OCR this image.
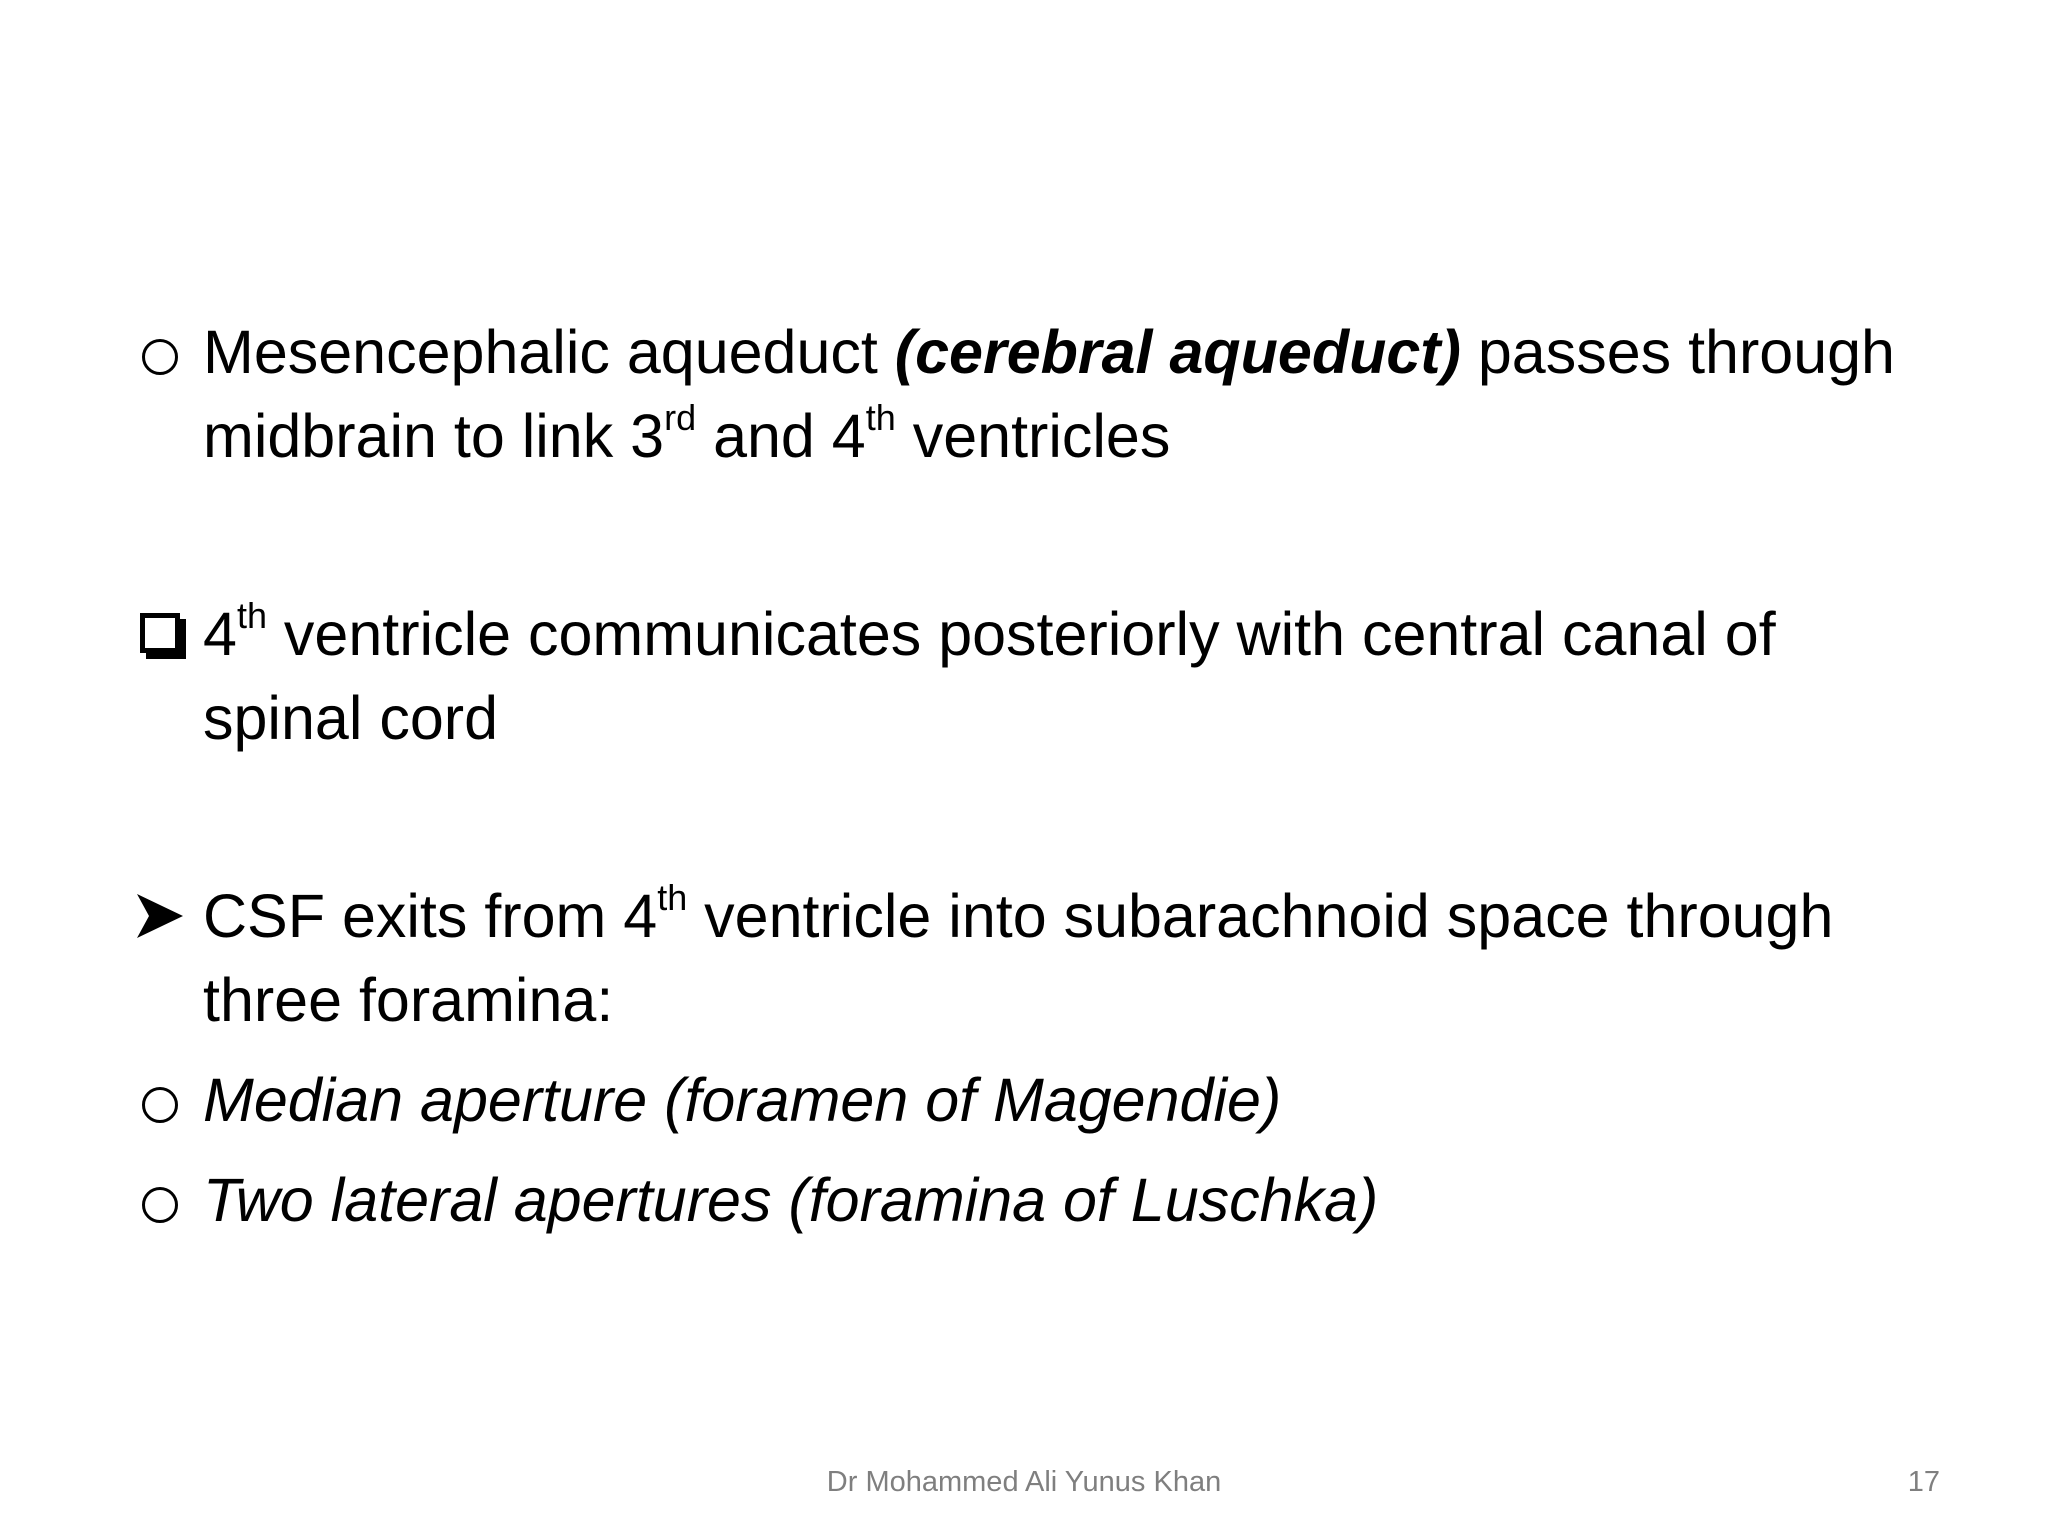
Mesencephalic aqueduct (cerebral aqueduct) passes through
midbrain to link 3rd and 4th ventricles
4th ventricle communicates posteriorly with central canal of
spinal cord
CSF exits from 4th ventricle into subarachnoid space through
three foramina:
Median aperture (foramen of Magendie)
Two lateral apertures (foramina of Luschka)
Dr Mohammed Ali Yunus Khan	17
